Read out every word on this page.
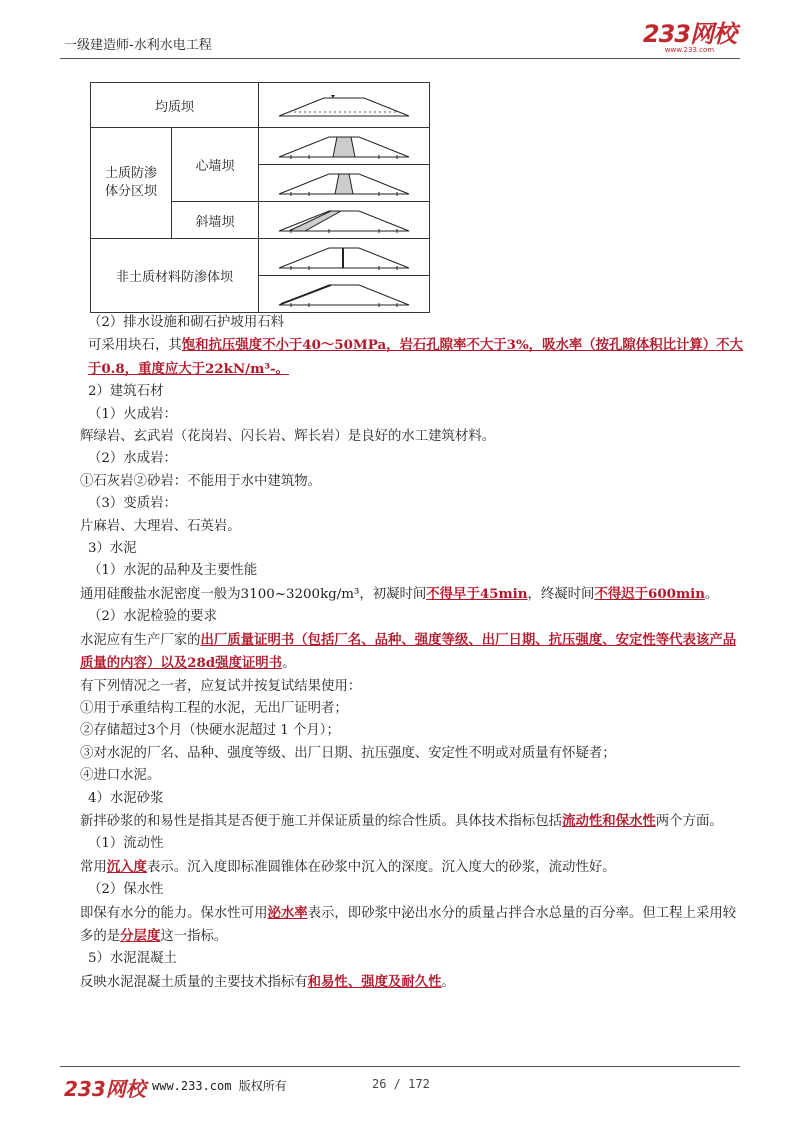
一级建造师-水利水电工程	233网校
www.233.com
均质坝	

土质防渗体分区坝	心墙坝	

	斜墙坝	

非土质材料防渗体坝	

（2）排水设施和砌石护坡用石料

可采用块石，其饱和抗压强度不小于40～50MPa，岩石孔隙率不大于3%，吸水率（按孔隙体积比计算）不大于0.8，重度应大于22kN/m³-。

2）建筑石材

（1）火成岩：

辉绿岩、玄武岩（花岗岩、闪长岩、辉长岩）是良好的水工建筑材料。

（2）水成岩：

①石灰岩②砂岩：不能用于水中建筑物。

（3）变质岩：

片麻岩、大理岩、石英岩。

3）水泥

（1）水泥的品种及主要性能

通用硅酸盐水泥密度一般为3100~3200kg/m³，初凝时间不得早于45min，终凝时间不得迟于600min。

（2）水泥检验的要求

水泥应有生产厂家的出厂质量证明书（包括厂名、品种、强度等级、出厂日期、抗压强度、安定性等代表该产品质量的内容）以及28d强度证明书。

有下列情况之一者，应复试并按复试结果使用：

①用于承重结构工程的水泥，无出厂证明者；

②存储超过3个月（快硬水泥超过 1 个月）；

③对水泥的厂名、品种、强度等级、出厂日期、抗压强度、安定性不明或对质量有怀疑者；

④进口水泥。

4）水泥砂浆

新拌砂浆的和易性是指其是否便于施工并保证质量的综合性质。具体技术指标包括流动性和保水性两个方面。

（1）流动性

常用沉入度表示。沉入度即标准圆锥体在砂浆中沉入的深度。沉入度大的砂浆，流动性好。

（2）保水性

即保有水分的能力。保水性可用泌水率表示，即砂浆中泌出水分的质量占拌合水总量的百分率。但工程上采用较多的是分层度这一指标。

5）水泥混凝土

反映水泥混凝土质量的主要技术指标有和易性、强度及耐久性。

233网校 www.233.com 版权所有	26 / 172
